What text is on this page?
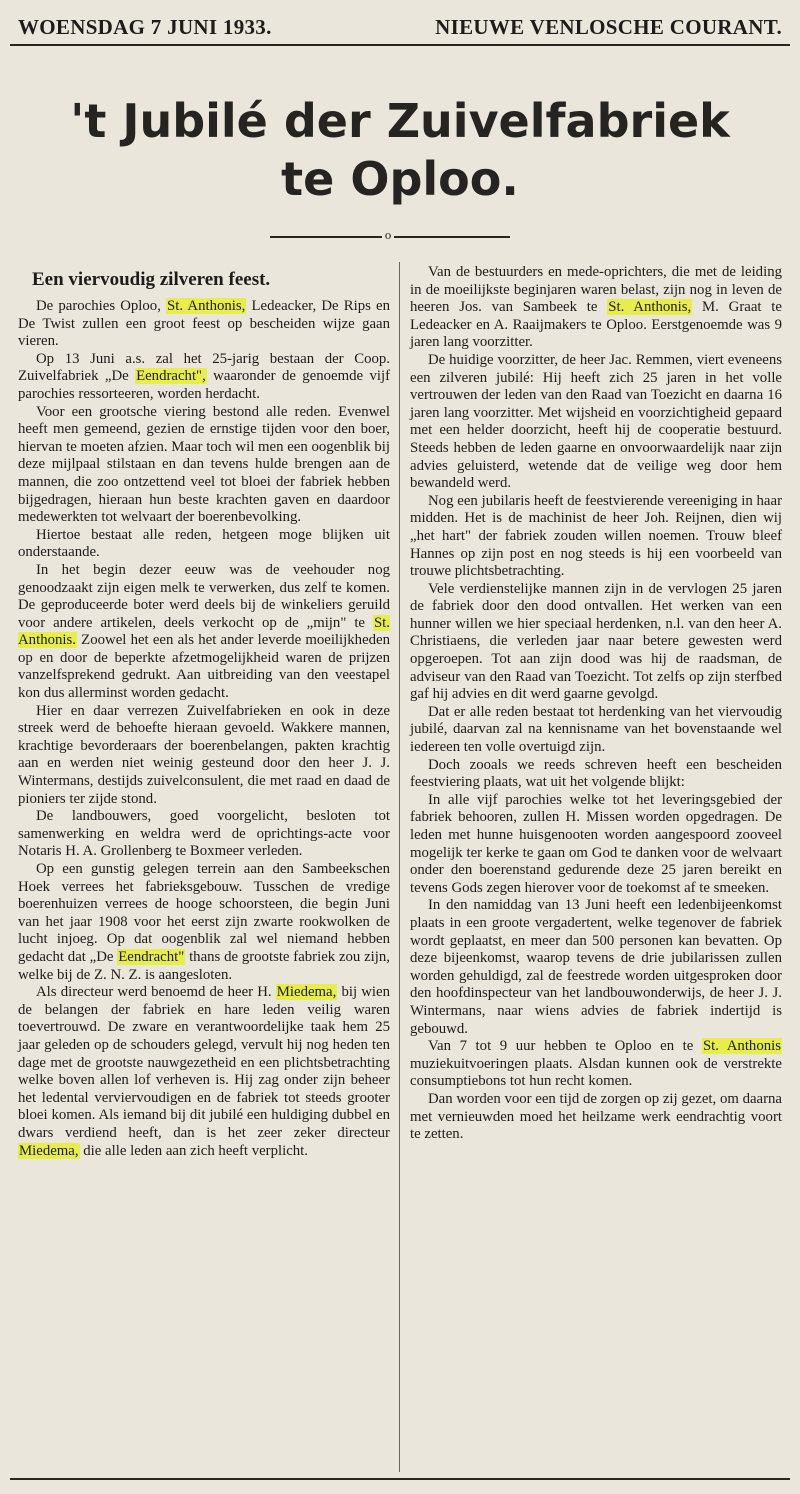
WOENSDAG 7 JUNI 1933.	NIEUWE VENLOSCHE COURANT.
't Jubilé der Zuivelfabriek
te Oploo.
o
Een viervoudig zilveren feest.

De parochies Oploo, St. Anthonis, Ledeacker, De Rips en De Twist zullen een groot feest op bescheiden wijze gaan vieren.

Op 13 Juni a.s. zal het 25-jarig bestaan der Coop. Zuivelfabriek „De Eendracht", waaronder de genoemde vijf parochies ressorteeren, worden herdacht.

Voor een grootsche viering bestond alle reden. Evenwel heeft men gemeend, gezien de ernstige tijden voor den boer, hiervan te moeten afzien. Maar toch wil men een oogenblik bij deze mijlpaal stilstaan en dan tevens hulde brengen aan de mannen, die zoo ontzettend veel tot bloei der fabriek hebben bijgedragen, hieraan hun beste krachten gaven en daardoor medewerkten tot welvaart der boerenbevolking.

Hiertoe bestaat alle reden, hetgeen moge blijken uit onderstaande.

In het begin dezer eeuw was de veehouder nog genoodzaakt zijn eigen melk te verwerken, dus zelf te komen. De geproduceerde boter werd deels bij de winkeliers geruild voor andere artikelen, deels verkocht op de „mijn" te St. Anthonis. Zoowel het een als het ander leverde moeilijkheden op en door de beperkte afzetmogelijkheid waren de prijzen vanzelfsprekend gedrukt. Aan uitbreiding van den veestapel kon dus allerminst worden gedacht.

Hier en daar verrezen Zuivelfabrieken en ook in deze streek werd de behoefte hieraan gevoeld. Wakkere mannen, krachtige bevorderaars der boerenbelangen, pakten krachtig aan en werden niet weinig gesteund door den heer J. J. Wintermans, destijds zuivelconsulent, die met raad en daad de pioniers ter zijde stond.

De landbouwers, goed voorgelicht, besloten tot samenwerking en weldra werd de oprichtings-acte voor Notaris H. A. Grollenberg te Boxmeer verleden.

Op een gunstig gelegen terrein aan den Sambeekschen Hoek verrees het fabrieksgebouw. Tusschen de vredige boerenhuizen verrees de hooge schoorsteen, die begin Juni van het jaar 1908 voor het eerst zijn zwarte rookwolken de lucht injoeg. Op dat oogenblik zal wel niemand hebben gedacht dat „De Eendracht" thans de grootste fabriek zou zijn, welke bij de Z. N. Z. is aangesloten.

Als directeur werd benoemd de heer H. Miedema, bij wien de belangen der fabriek en hare leden veilig waren toevertrouwd. De zware en verantwoordelijke taak hem 25 jaar geleden op de schouders gelegd, vervult hij nog heden ten dage met de grootste nauwgezetheid en een plichtsbetrachting welke boven allen lof verheven is. Hij zag onder zijn beheer het ledental verviervoudigen en de fabriek tot steeds grooter bloei komen. Als iemand bij dit jubilé een huldiging dubbel en dwars verdiend heeft, dan is het zeer zeker directeur Miedema, die alle leden aan zich heeft verplicht.

Van de bestuurders en mede-oprichters, die met de leiding in de moeilijkste beginjaren waren belast, zijn nog in leven de heeren Jos. van Sambeek te St. Anthonis, M. Graat te Ledeacker en A. Raaijmakers te Oploo. Eerstgenoemde was 9 jaren lang voorzitter.

De huidige voorzitter, de heer Jac. Remmen, viert eveneens een zilveren jubilé: Hij heeft zich 25 jaren in het volle vertrouwen der leden van den Raad van Toezicht en daarna 16 jaren lang voorzitter. Met wijsheid en voorzichtigheid gepaard met een helder doorzicht, heeft hij de cooperatie bestuurd. Steeds hebben de leden gaarne en onvoorwaardelijk naar zijn advies geluisterd, wetende dat de veilige weg door hem bewandeld werd.

Nog een jubilaris heeft de feestvierende vereeniging in haar midden. Het is de machinist de heer Joh. Reijnen, dien wij „het hart" der fabriek zouden willen noemen. Trouw bleef Hannes op zijn post en nog steeds is hij een voorbeeld van trouwe plichtsbetrachting.

Vele verdienstelijke mannen zijn in de vervlogen 25 jaren de fabriek door den dood ontvallen. Het werken van een hunner willen we hier speciaal herdenken, n.l. van den heer A. Christiaens, die verleden jaar naar betere gewesten werd opgeroepen. Tot aan zijn dood was hij de raadsman, de adviseur van den Raad van Toezicht. Tot zelfs op zijn sterfbed gaf hij advies en dit werd gaarne gevolgd.

Dat er alle reden bestaat tot herdenking van het viervoudig jubilé, daarvan zal na kennisname van het bovenstaande wel iedereen ten volle overtuigd zijn.

Doch zooals we reeds schreven heeft een bescheiden feestviering plaats, wat uit het volgende blijkt:

In alle vijf parochies welke tot het leveringsgebied der fabriek behooren, zullen H. Missen worden opgedragen. De leden met hunne huisgenooten worden aangespoord zooveel mogelijk ter kerke te gaan om God te danken voor de welvaart onder den boerenstand gedurende deze 25 jaren bereikt en tevens Gods zegen hierover voor de toekomst af te smeeken.

In den namiddag van 13 Juni heeft een ledenbijeenkomst plaats in een groote vergadertent, welke tegenover de fabriek wordt geplaatst, en meer dan 500 personen kan bevatten. Op deze bijeenkomst, waarop tevens de drie jubilarissen zullen worden gehuldigd, zal de feestrede worden uitgesproken door den hoofdinspecteur van het landbouwonderwijs, de heer J. J. Wintermans, naar wiens advies de fabriek indertijd is gebouwd.

Van 7 tot 9 uur hebben te Oploo en te St. Anthonis muziekuitvoeringen plaats. Alsdan kunnen ook de verstrekte consumptiebons tot hun recht komen.

Dan worden voor een tijd de zorgen op zij gezet, om daarna met vernieuwden moed het heilzame werk eendrachtig voort te zetten.
